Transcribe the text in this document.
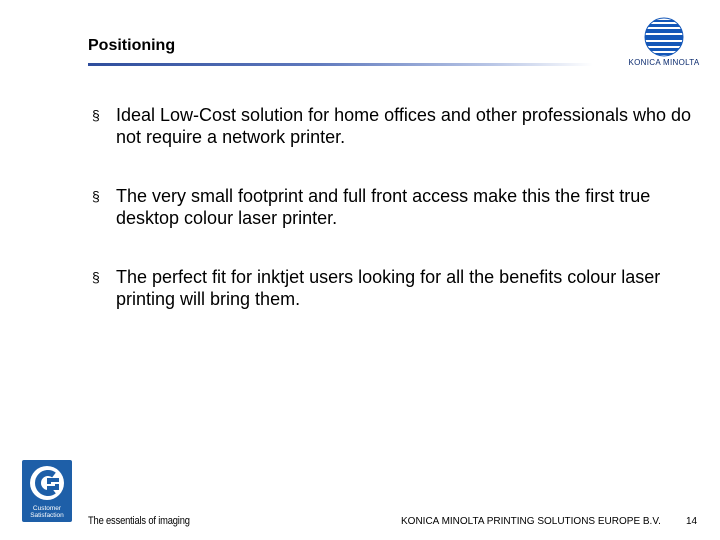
Positioning
KONICA MINOLTA
§ Ideal Low-Cost solution for home offices and other professionals who do not require a network printer.
§ The very small footprint and full front access make this the first true desktop colour laser printer.
§ The perfect fit for inktjet users looking for all the benefits colour laser printing will bring them.
Customer
Satisfaction	The essentials of imaging	KONICA MINOLTA PRINTING SOLUTIONS EUROPE B.V.	14
